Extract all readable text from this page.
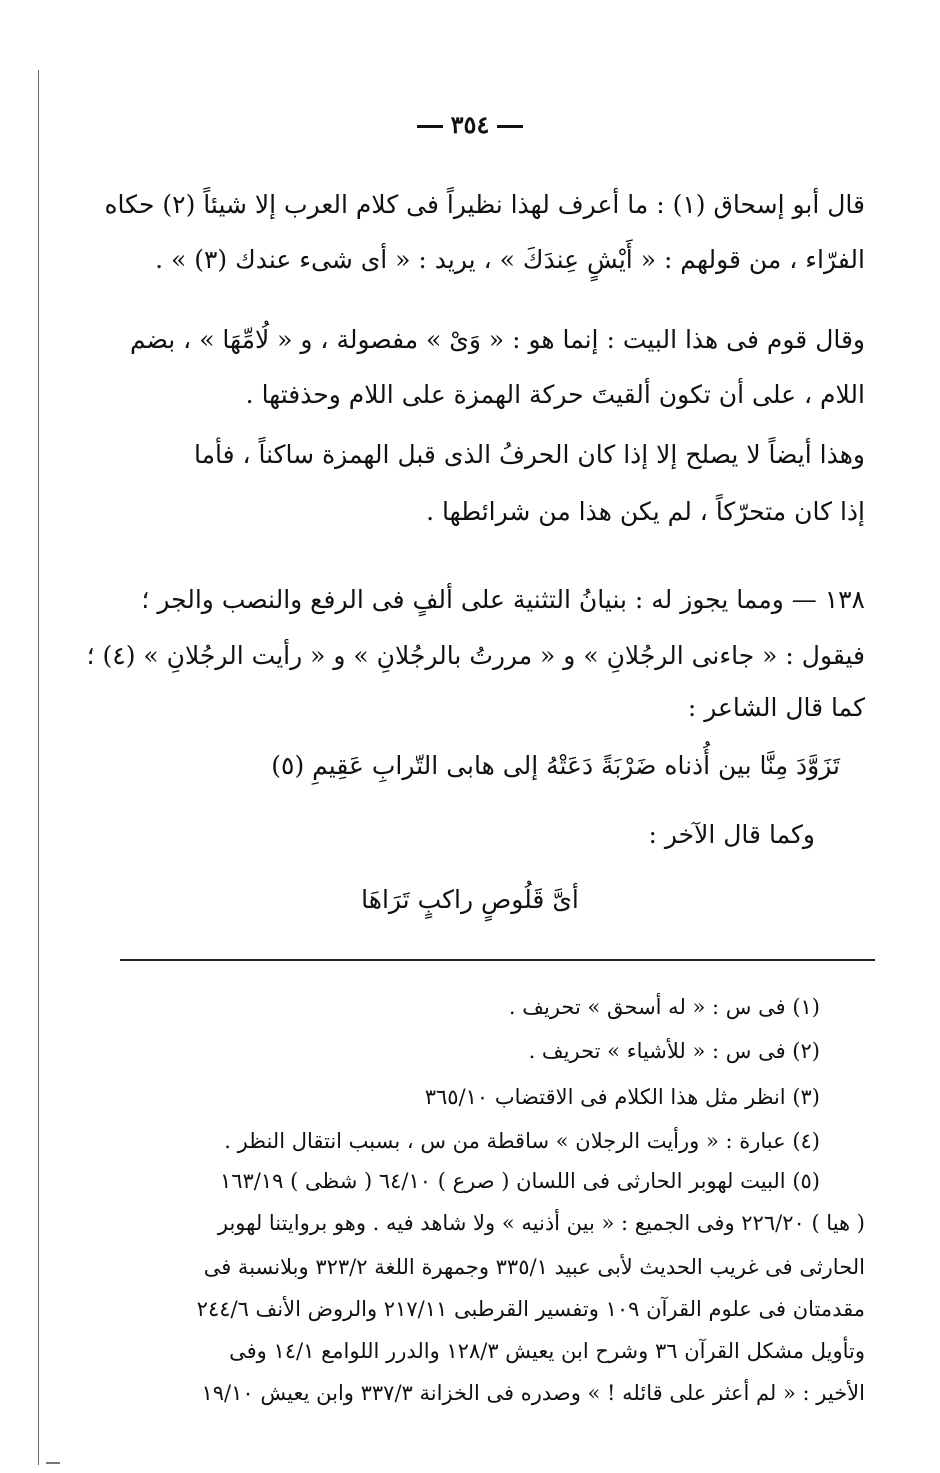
٣٥٤
قال أبو إسحاق (١) : ما أعرف لهذا نظيراً فى كلام العرب إلا شيئاً (٢) حكاه
الفرّاء ، من قولهم : « أَيْشٍ عِندَكَ » ، يريد : « أى شىء عندك (٣) » .
وقال قوم فى هذا البيت : إنما هو : « وَىْ » مفصولة ، و « لُامِّهَا » ، بضم
اللام ، على أن تكون ألقيتَ حركة الهمزة على اللام وحذفتها .
وهذا أيضاً لا يصلح إلا إذا كان الحرفُ الذى قبل الهمزة ساكناً ، فأما
إذا كان متحرّكاً ، لم يكن هذا من شرائطها .
١٣٨ — ومما يجوز له : بنيانُ التثنية على ألفٍ فى الرفع والنصب والجر ؛
فيقول : « جاءنى الرجُلانِ » و « مررتُ بالرجُلانِ » و « رأيت الرجُلانِ » (٤) ؛
كما قال الشاعر :
تَزَوَّدَ مِنَّا بين أُذناه ضَرْبَةً دَعَتْهُ إلى هابى التّرابِ عَقِيمِ (٥)
وكما قال الآخر :
أىَّ قَلُوصٍ راكبٍ تَرَاهَا
(١) فى س : « له أسحق » تحريف .
(٢) فى س : « للأشياء » تحريف .
(٣) انظر مثل هذا الكلام فى الاقتضاب ٣٦٥/١٠
(٤) عبارة : « ورأيت الرجلان » ساقطة من س ، بسبب انتقال النظر .
(٥) البيت لهوبر الحارثى فى اللسان ( صرع ) ٦٤/١٠ ( شظى ) ١٦٣/١٩
( هيا ) ٢٢٦/٢٠ وفى الجميع : « بين أذنيه » ولا شاهد فيه . وهو بروايتنا لهوبر
الحارثى فى غريب الحديث لأبى عبيد ٣٣٥/١ وجمهرة اللغة ٣٢٣/٢ وبلانسبة فى
مقدمتان فى علوم القرآن ١٠٩ وتفسير القرطبى ٢١٧/١١ والروض الأنف ٢٤٤/٦
وتأويل مشكل القرآن ٣٦ وشرح ابن يعيش ١٢٨/٣ والدرر اللوامع ١٤/١ وفى
الأخير : « لم أعثر على قائله ! » وصدره فى الخزانة ٣٣٧/٣ وابن يعيش ١٩/١٠
